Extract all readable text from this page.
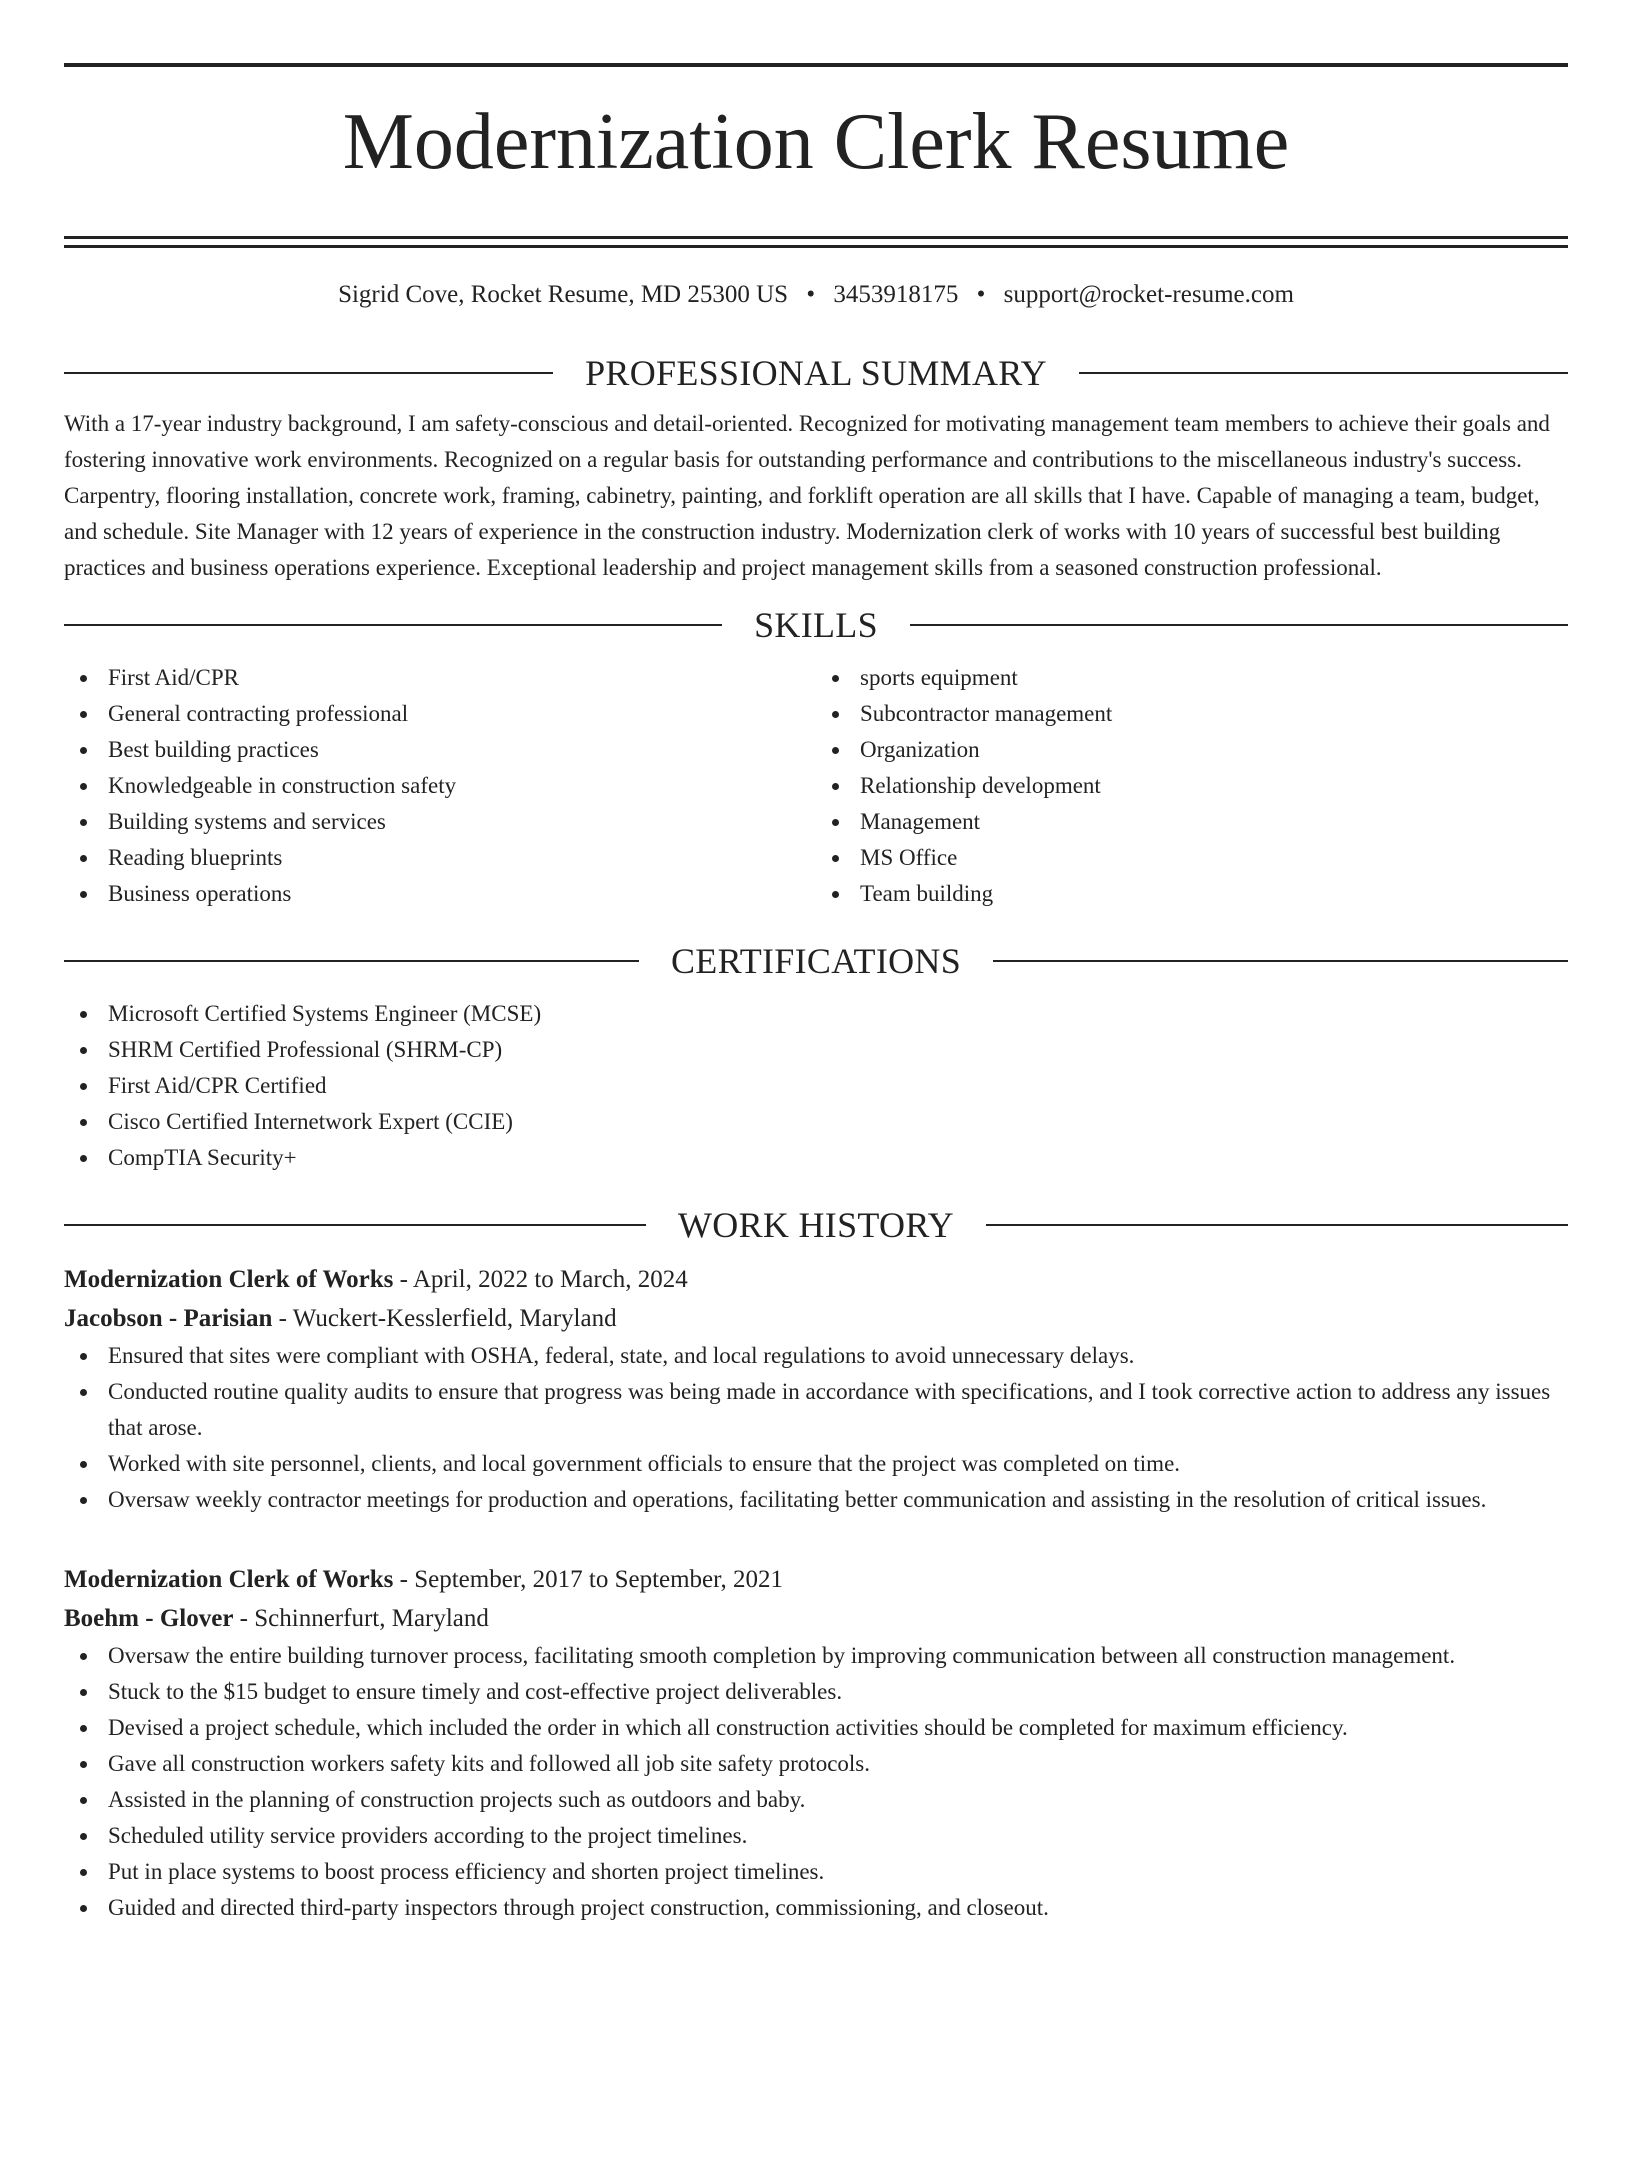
Modernization Clerk Resume
Sigrid Cove, Rocket Resume, MD 25300 US • 3453918175 • support@rocket-resume.com
PROFESSIONAL SUMMARY

With a 17-year industry background, I am safety-conscious and detail-oriented. Recognized for motivating management team members to achieve their goals and fostering innovative work environments. Recognized on a regular basis for outstanding performance and contributions to the miscellaneous industry's success. Carpentry, flooring installation, concrete work, framing, cabinetry, painting, and forklift operation are all skills that I have. Capable of managing a team, budget, and schedule. Site Manager with 12 years of experience in the construction industry. Modernization clerk of works with 10 years of successful best building practices and business operations experience. Exceptional leadership and project management skills from a seasoned construction professional.

SKILLS
First Aid/CPR
General contracting professional
Best building practices
Knowledgeable in construction safety
Building systems and services
Reading blueprints
Business operations
sports equipment
Subcontractor management
Organization
Relationship development
Management
MS Office
Team building
CERTIFICATIONS
Microsoft Certified Systems Engineer (MCSE)
SHRM Certified Professional (SHRM-CP)
First Aid/CPR Certified
Cisco Certified Internetwork Expert (CCIE)
CompTIA Security+
WORK HISTORY
Modernization Clerk of Works - April, 2022 to March, 2024
Jacobson - Parisian - Wuckert-Kesslerfield, Maryland
Ensured that sites were compliant with OSHA, federal, state, and local regulations to avoid unnecessary delays.
Conducted routine quality audits to ensure that progress was being made in accordance with specifications, and I took corrective action to address any issues that arose.
Worked with site personnel, clients, and local government officials to ensure that the project was completed on time.
Oversaw weekly contractor meetings for production and operations, facilitating better communication and assisting in the resolution of critical issues.
Modernization Clerk of Works - September, 2017 to September, 2021
Boehm - Glover - Schinnerfurt, Maryland
Oversaw the entire building turnover process, facilitating smooth completion by improving communication between all construction management.
Stuck to the $15 budget to ensure timely and cost-effective project deliverables.
Devised a project schedule, which included the order in which all construction activities should be completed for maximum efficiency.
Gave all construction workers safety kits and followed all job site safety protocols.
Assisted in the planning of construction projects such as outdoors and baby.
Scheduled utility service providers according to the project timelines.
Put in place systems to boost process efficiency and shorten project timelines.
Guided and directed third-party inspectors through project construction, commissioning, and closeout.
